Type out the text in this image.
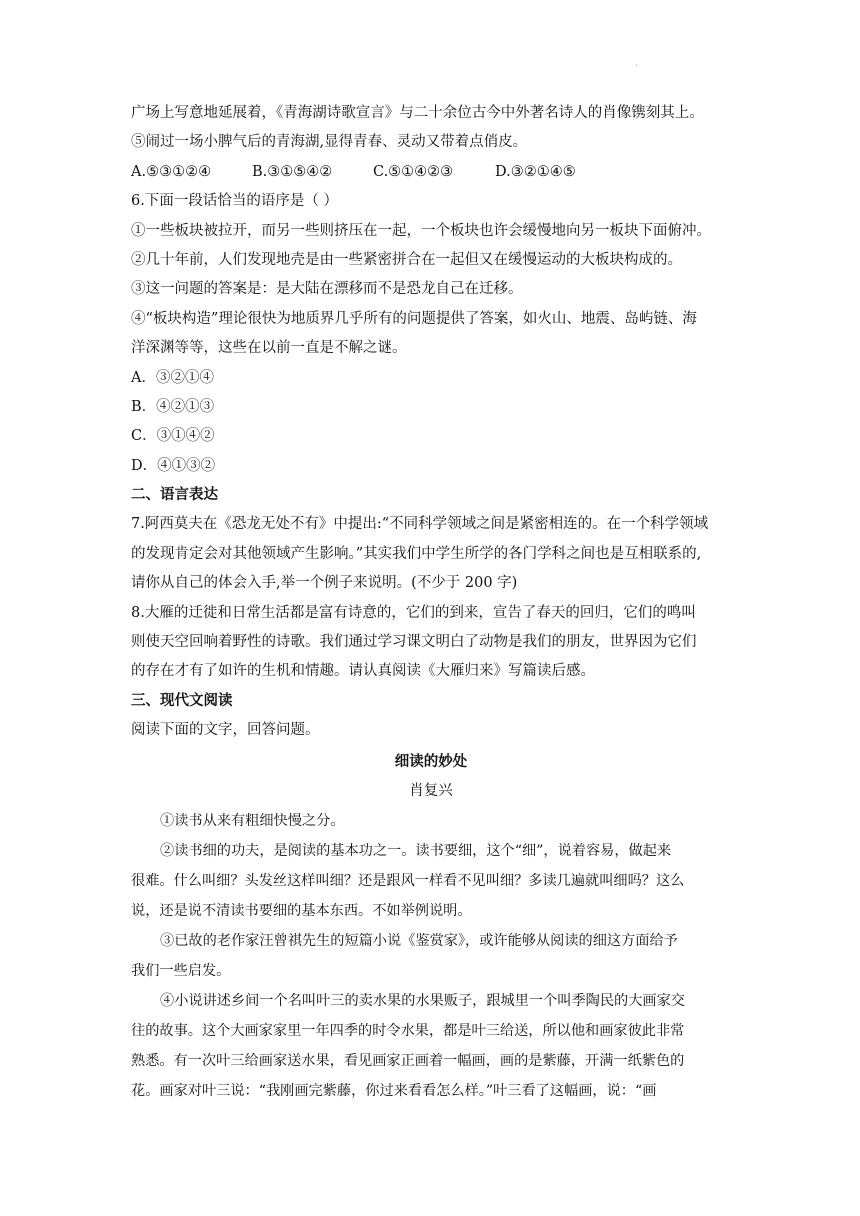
·
广场上写意地延展着，《青海湖诗歌宣言》与二十余位古今中外著名诗人的肖像镌刻其上。
⑤闹过一场小脾气后的青海湖,显得青春、灵动又带着点俏皮。
A.⑤③①②④	B.③①⑤④②	C.⑤①④②③	D.③②①④⑤
6.下面一段话恰当的语序是（ ）
①一些板块被拉开，而另一些则挤压在一起，一个板块也许会缓慢地向另一板块下面俯冲。
②几十年前，人们发现地壳是由一些紧密拼合在一起但又在缓慢运动的大板块构成的。
③这一问题的答案是：是大陆在漂移而不是恐龙自己在迁移。
④“板块构造”理论很快为地质界几乎所有的问题提供了答案，如火山、地震、岛屿链、海
洋深渊等等，这些在以前一直是不解之谜。
A．③②①④
B．④②①③
C．③①④②
D．④①③②
二、语言表达
7.阿西莫夫在《恐龙无处不有》中提出:“不同科学领域之间是紧密相连的。在一个科学领域
的发现肯定会对其他领域产生影响。”其实我们中学生所学的各门学科之间也是互相联系的,
请你从自己的体会入手,举一个例子来说明。(不少于 200 字)
8.大雁的迁徙和日常生活都是富有诗意的，它们的到来，宣告了春天的回归，它们的鸣叫
则使天空回响着野性的诗歌。我们通过学习课文明白了动物是我们的朋友，世界因为它们
的存在才有了如许的生机和情趣。请认真阅读《大雁归来》写篇读后感。
三、现代文阅读
阅读下面的文字，回答问题。
细读的妙处
肖复兴
①读书从来有粗细快慢之分。
②读书细的功夫，是阅读的基本功之一。读书要细，这个“细”，说着容易，做起来
很难。什么叫细？头发丝这样叫细？还是跟风一样看不见叫细？多读几遍就叫细吗？这么
说，还是说不清读书要细的基本东西。不如举例说明。
③已故的老作家汪曾祺先生的短篇小说《鉴赏家》，或许能够从阅读的细这方面给予
我们一些启发。
④小说讲述乡间一个名叫叶三的卖水果的水果贩子，跟城里一个叫季陶民的大画家交
往的故事。这个大画家家里一年四季的时令水果，都是叶三给送，所以他和画家彼此非常
熟悉。有一次叶三给画家送水果，看见画家正画着一幅画，画的是紫藤，开满一纸紫色的
花。画家对叶三说：“我刚画完紫藤，你过来看看怎么样。”叶三看了这幅画，说：“画
